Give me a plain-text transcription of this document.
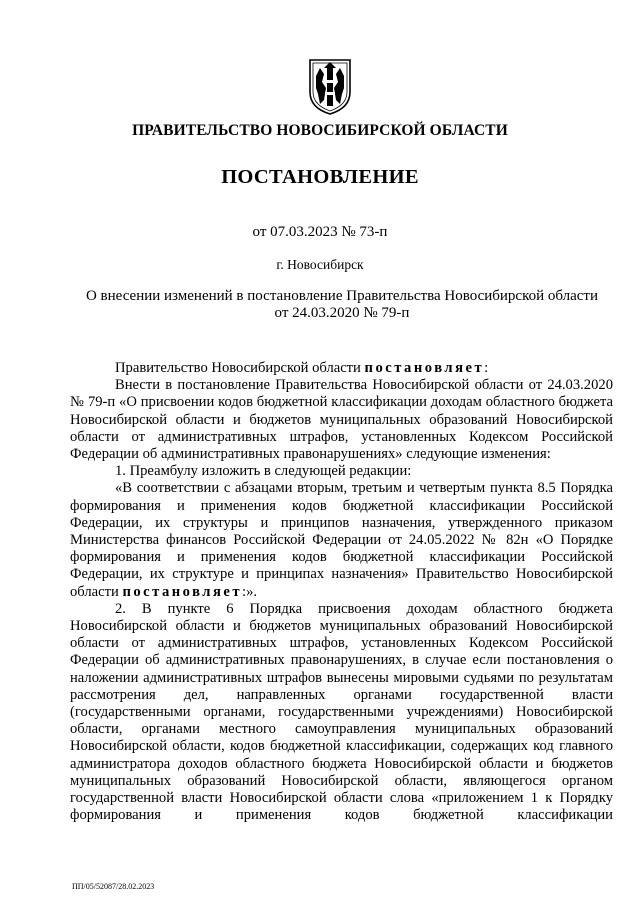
ПРАВИТЕЛЬСТВО НОВОСИБИРСКОЙ ОБЛАСТИ
ПОСТАНОВЛЕНИЕ
от 07.03.2023 № 73-п
г. Новосибирск
О внесении изменений в постановление Правительства Новосибирской области
от 24.03.2020 № 79-п

Правительство Новосибирской области постановляет:

Внести в постановление Правительства Новосибирской области от 24.03.2020 № 79-п «О присвоении кодов бюджетной классификации доходам областного бюджета Новосибирской области и бюджетов муниципальных образований Новосибирской области от административных штрафов, установленных Кодексом Российской Федерации об административных правонарушениях» следующие изменения:

1. Преамбулу изложить в следующей редакции:

«В соответствии с абзацами вторым, третьим и четвертым пункта 8.5 Порядка формирования и применения кодов бюджетной классификации Российской Федерации, их структуры и принципов назначения, утвержденного приказом Министерства финансов Российской Федерации от 24.05.2022 № 82н «О Порядке формирования и применения кодов бюджетной классификации Российской Федерации, их структуре и принципах назначения» Правительство Новосибирской области постановляет:».

2. В пункте 6 Порядка присвоения доходам областного бюджета Новосибирской области и бюджетов муниципальных образований Новосибирской области от административных штрафов, установленных Кодексом Российской Федерации об административных правонарушениях, в случае если постановления о наложении административных штрафов вынесены мировыми судьями по результатам рассмотрения дел, направленных органами государственной власти (государственными органами, государственными учреждениями) Новосибирской области, органами местного самоуправления муниципальных образований Новосибирской области, кодов бюджетной классификации, содержащих код главного администратора доходов областного бюджета Новосибирской области и бюджетов муниципальных образований Новосибирской области, являющегося органом государственной власти Новосибирской области слова «приложением 1 к Порядку формирования и применения кодов бюджетной классификации

ПП/05/52087/28.02.2023
